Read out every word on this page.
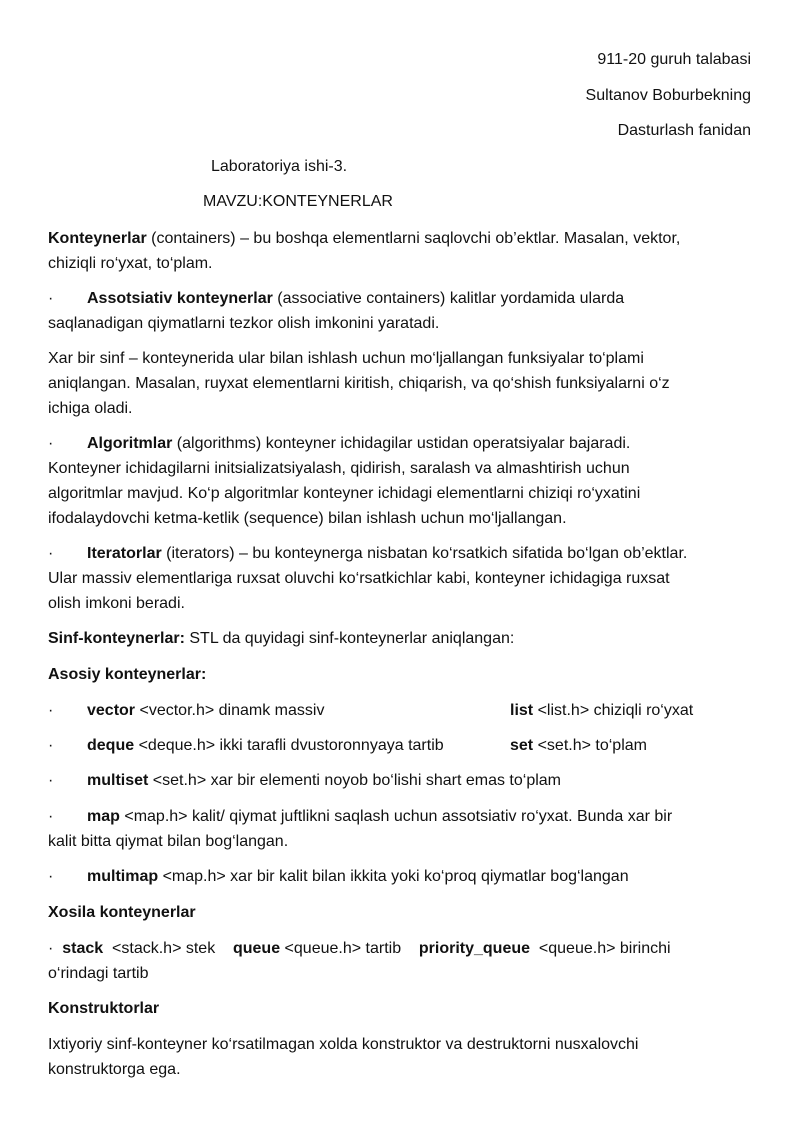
911-20 guruh talabasi
Sultanov Boburbekning
Dasturlash fanidan
Laboratoriya ishi-3.
MAVZU:KONTEYNERLAR
Konteynerlar (containers) – bu boshqa elementlarni saqlovchi ob’ektlar. Masalan, vektor,
chiziqli ro‘yxat, to‘plam.
· Assotsiativ konteynerlar (associative containers) kalitlar yordamida ularda
saqlanadigan qiymatlarni tezkor olish imkonini yaratadi.
Xar bir sinf – konteynerida ular bilan ishlash uchun mo‘ljallangan funksiyalar to‘plami
aniqlangan. Masalan, ruyxat elementlarni kiritish, chiqarish, va qo‘shish funksiyalarni o‘z
ichiga oladi.
· Algoritmlar (algorithms) konteyner ichidagilar ustidan operatsiyalar bajaradi.
Konteyner ichidagilarni initsializatsiyalash, qidirish, saralash va almashtirish uchun
algoritmlar mavjud. Ko‘p algoritmlar konteyner ichidagi elementlarni chiziqi ro‘yxatini
ifodalaydovchi ketma-ketlik (sequence) bilan ishlash uchun mo‘ljallangan.
· Iteratorlar (iterators) – bu konteynerga nisbatan ko‘rsatkich sifatida bo‘lgan ob’ektlar.
Ular massiv elementlariga ruxsat oluvchi ko‘rsatkichlar kabi, konteyner ichidagiga ruxsat
olish imkoni beradi.
Sinf-konteynerlar: STL da quyidagi sinf-konteynerlar aniqlangan:
Asosiy konteynerlar:
· vector <vector.h> dinamk massiv	list <list.h> chiziqli ro‘yxat
· deque <deque.h> ikki tarafli dvustoronnyaya tartib	set <set.h> to‘plam
· multiset <set.h> xar bir elementi noyob bo‘lishi shart emas to‘plam
· map <map.h> kalit/ qiymat juftlikni saqlash uchun assotsiativ ro‘yxat. Bunda xar bir
kalit bitta qiymat bilan bog‘langan.
· multimap <map.h> xar bir kalit bilan ikkita yoki ko‘proq qiymatlar bog‘langan
Xosila konteynerlar
· stack  <stack.h> stek    queue <queue.h> tartib    priority_queue  <queue.h> birinchi
o‘rindagi tartib
Konstruktorlar
Ixtiyoriy sinf-konteyner ko‘rsatilmagan xolda konstruktor va destruktorni nusxalovchi
konstruktorga ega.
